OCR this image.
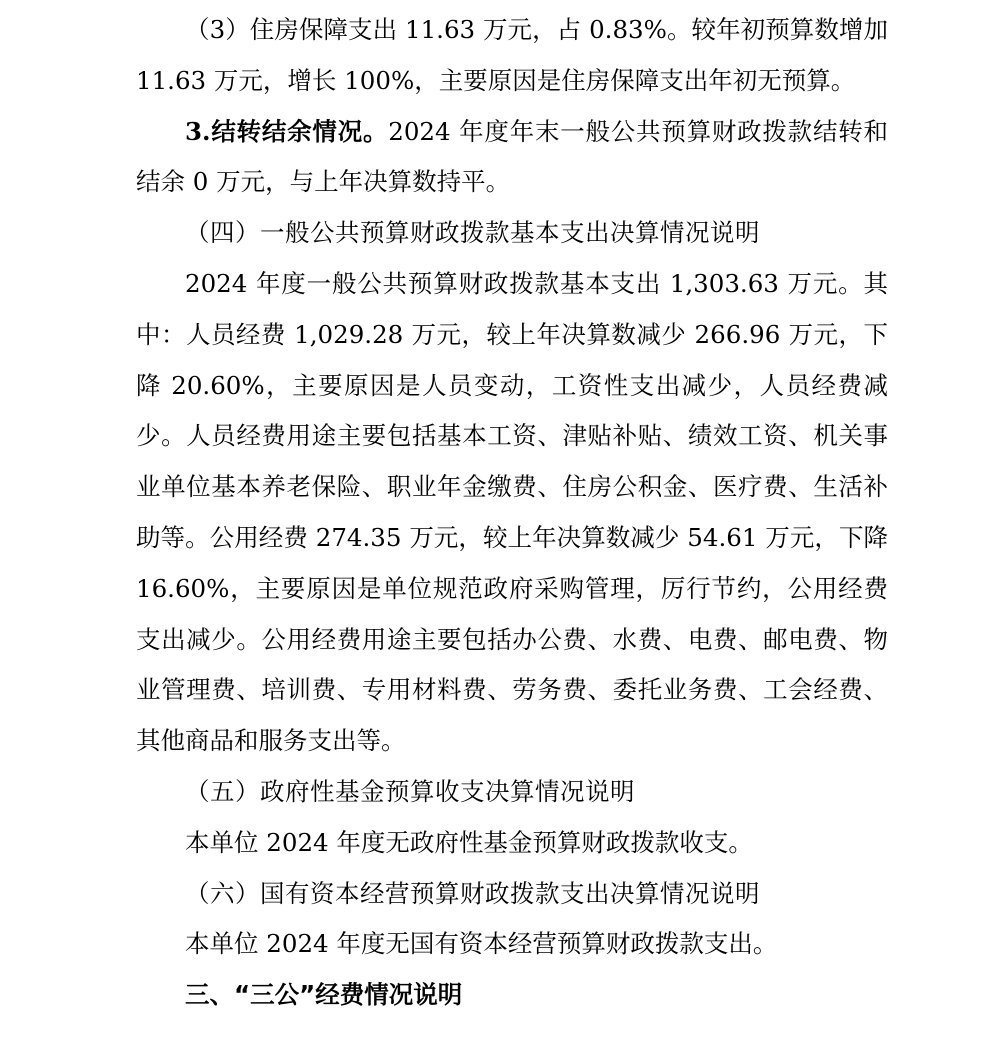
（3）住房保障支出 11.63 万元，占 0.83%。较年初预算数增加 11.63 万元，增长 100%，主要原因是住房保障支出年初无预算。

3.结转结余情况。2024 年度年末一般公共预算财政拨款结转和结余 0 万元，与上年决算数持平。

（四）一般公共预算财政拨款基本支出决算情况说明

2024 年度一般公共预算财政拨款基本支出 1,303.63 万元。其中：人员经费 1,029.28 万元，较上年决算数减少 266.96 万元，下降 20.60%，主要原因是人员变动，工资性支出减少，人员经费减少。人员经费用途主要包括基本工资、津贴补贴、绩效工资、机关事业单位基本养老保险、职业年金缴费、住房公积金、医疗费、生活补助等。公用经费 274.35 万元，较上年决算数减少 54.61 万元，下降 16.60%，主要原因是单位规范政府采购管理，厉行节约，公用经费支出减少。公用经费用途主要包括办公费、水费、电费、邮电费、物业管理费、培训费、专用材料费、劳务费、委托业务费、工会经费、其他商品和服务支出等。

（五）政府性基金预算收支决算情况说明

本单位 2024 年度无政府性基金预算财政拨款收支。

（六）国有资本经营预算财政拨款支出决算情况说明

本单位 2024 年度无国有资本经营预算财政拨款支出。

三、“三公”经费情况说明
